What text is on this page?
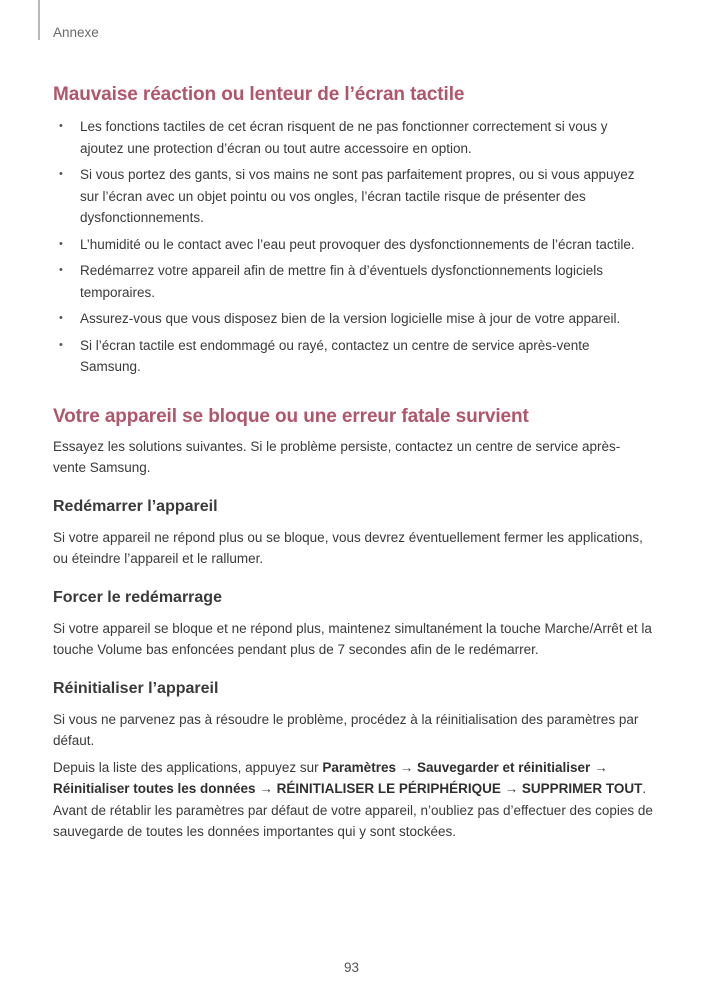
Annexe
Mauvaise réaction ou lenteur de l’écran tactile
• Les fonctions tactiles de cet écran risquent de ne pas fonctionner correctement si vous y ajoutez une protection d’écran ou tout autre accessoire en option.
• Si vous portez des gants, si vos mains ne sont pas parfaitement propres, ou si vous appuyez sur l’écran avec un objet pointu ou vos ongles, l’écran tactile risque de présenter des dysfonctionnements.
• L’humidité ou le contact avec l’eau peut provoquer des dysfonctionnements de l’écran tactile.
• Redémarrez votre appareil afin de mettre fin à d’éventuels dysfonctionnements logiciels temporaires.
• Assurez-vous que vous disposez bien de la version logicielle mise à jour de votre appareil.
• Si l’écran tactile est endommagé ou rayé, contactez un centre de service après-vente Samsung.
Votre appareil se bloque ou une erreur fatale survient

Essayez les solutions suivantes. Si le problème persiste, contactez un centre de service après-vente Samsung.

Redémarrer l’appareil

Si votre appareil ne répond plus ou se bloque, vous devrez éventuellement fermer les applications, ou éteindre l’appareil et le rallumer.

Forcer le redémarrage

Si votre appareil se bloque et ne répond plus, maintenez simultanément la touche Marche/Arrêt et la touche Volume bas enfoncées pendant plus de 7 secondes afin de le redémarrer.

Réinitialiser l’appareil

Si vous ne parvenez pas à résoudre le problème, procédez à la réinitialisation des paramètres par défaut.

Depuis la liste des applications, appuyez sur Paramètres → Sauvegarder et réinitialiser → Réinitialiser toutes les données → RÉINITIALISER LE PÉRIPHÉRIQUE → SUPPRIMER TOUT. Avant de rétablir les paramètres par défaut de votre appareil, n’oubliez pas d’effectuer des copies de sauvegarde de toutes les données importantes qui y sont stockées.

93
